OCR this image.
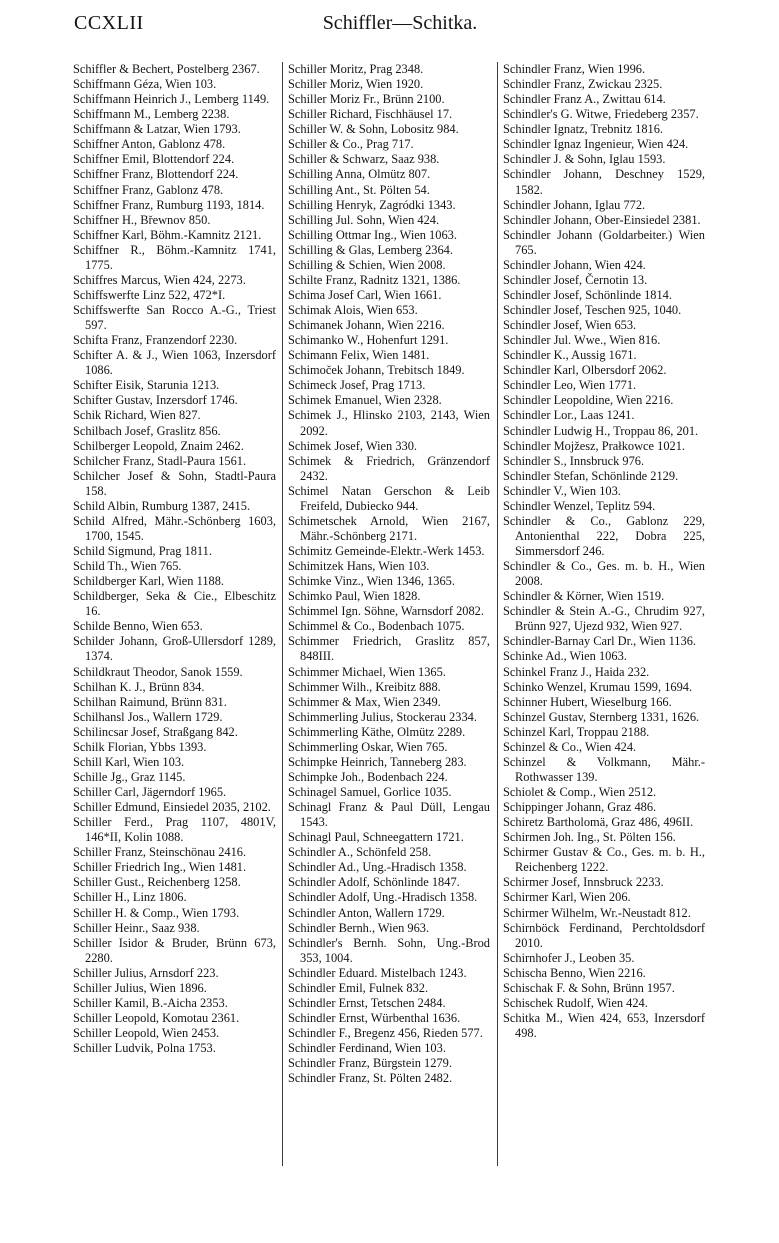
CCXLII	Schiffler—Schitka.

Schiffler & Bechert, Postelberg 2367.

Schiffmann Géza, Wien 103.

Schiffmann Heinrich J., Lemberg 1149.

Schiffmann M., Lemberg 2238.

Schiffmann & Latzar, Wien 1793.

Schiffner Anton, Gablonz 478.

Schiffner Emil, Blottendorf 224.

Schiffner Franz, Blottendorf 224.

Schiffner Franz, Gablonz 478.

Schiffner Franz, Rumburg 1193, 1814.

Schiffner H., Břewnov 850.

Schiffner Karl, Böhm.-Kamnitz 2121.

Schiffner R., Böhm.-Kamnitz 1741, 1775.

Schiffres Marcus, Wien 424, 2273.

Schiffswerfte Linz 522, 472*I.

Schiffswerfte San Rocco A.-G., Triest 597.

Schifta Franz, Franzendorf 2230.

Schifter A. & J., Wien 1063, Inzersdorf 1086.

Schifter Eisik, Starunia 1213.

Schifter Gustav, Inzersdorf 1746.

Schik Richard, Wien 827.

Schilbach Josef, Graslitz 856.

Schilberger Leopold, Znaim 2462.

Schilcher Franz, Stadl-Paura 1561.

Schilcher Josef & Sohn, Stadtl-Paura 158.

Schild Albin, Rumburg 1387, 2415.

Schild Alfred, Mähr.-Schönberg 1603, 1700, 1545.

Schild Sigmund, Prag 1811.

Schild Th., Wien 765.

Schildberger Karl, Wien 1188.

Schildberger, Seka & Cie., Elbeschitz 16.

Schilde Benno, Wien 653.

Schilder Johann, Groß-Ullersdorf 1289, 1374.

Schildkraut Theodor, Sanok 1559.

Schilhan K. J., Brünn 834.

Schilhan Raimund, Brünn 831.

Schilhansl Jos., Wallern 1729.

Schilincsar Josef, Straßgang 842.

Schilk Florian, Ybbs 1393.

Schill Karl, Wien 103.

Schille Jg., Graz 1145.

Schiller Carl, Jägerndorf 1965.

Schiller Edmund, Einsiedel 2035, 2102.

Schiller Ferd., Prag 1107, 4801V, 146*II, Kolin 1088.

Schiller Franz, Steinschönau 2416.

Schiller Friedrich Ing., Wien 1481.

Schiller Gust., Reichenberg 1258.

Schiller H., Linz 1806.

Schiller H. & Comp., Wien 1793.

Schiller Heinr., Saaz 938.

Schiller Isidor & Bruder, Brünn 673, 2280.

Schiller Julius, Arnsdorf 223.

Schiller Julius, Wien 1896.

Schiller Kamil, B.-Aicha 2353.

Schiller Leopold, Komotau 2361.

Schiller Leopold, Wien 2453.

Schiller Ludvik, Polna 1753.

Schiller Moritz, Prag 2348.

Schiller Moriz, Wien 1920.

Schiller Moriz Fr., Brünn 2100.

Schiller Richard, Fischhäusel 17.

Schiller W. & Sohn, Lobositz 984.

Schiller & Co., Prag 717.

Schiller & Schwarz, Saaz 938.

Schilling Anna, Olmütz 807.

Schilling Ant., St. Pölten 54.

Schilling Henryk, Zagródki 1343.

Schilling Jul. Sohn, Wien 424.

Schilling Ottmar Ing., Wien 1063.

Schilling & Glas, Lemberg 2364.

Schilling & Schien, Wien 2008.

Schilte Franz, Radnitz 1321, 1386.

Schima Josef Carl, Wien 1661.

Schimak Alois, Wien 653.

Schimanek Johann, Wien 2216.

Schimanko W., Hohenfurt 1291.

Schimann Felix, Wien 1481.

Schimoček Johann, Trebitsch 1849.

Schimeck Josef, Prag 1713.

Schimek Emanuel, Wien 2328.

Schimek J., Hlinsko 2103, 2143, Wien 2092.

Schimek Josef, Wien 330.

Schimek & Friedrich, Gränzendorf 2432.

Schimel Natan Gerschon & Leib Freifeld, Dubiecko 944.

Schimetschek Arnold, Wien 2167, Mähr.-Schönberg 2171.

Schimitz Gemeinde-Elektr.-Werk 1453.

Schimitzek Hans, Wien 103.

Schimke Vinz., Wien 1346, 1365.

Schimko Paul, Wien 1828.

Schimmel Ign. Söhne, Warnsdorf 2082.

Schimmel & Co., Bodenbach 1075.

Schimmer Friedrich, Graslitz 857, 848III.

Schimmer Michael, Wien 1365.

Schimmer Wilh., Kreibitz 888.

Schimmer & Max, Wien 2349.

Schimmerling Julius, Stockerau 2334.

Schimmerling Käthe, Olmütz 2289.

Schimmerling Oskar, Wien 765.

Schimpke Heinrich, Tanneberg 283.

Schimpke Joh., Bodenbach 224.

Schinagel Samuel, Gorlice 1035.

Schinagl Franz & Paul Düll, Lengau 1543.

Schinagl Paul, Schneegattern 1721.

Schindler A., Schönfeld 258.

Schindler Ad., Ung.-Hradisch 1358.

Schindler Adolf, Schönlinde 1847.

Schindler Adolf, Ung.-Hradisch 1358.

Schindler Anton, Wallern 1729.

Schindler Bernh., Wien 963.

Schindler's Bernh. Sohn, Ung.-Brod 353, 1004.

Schindler Eduard. Mistelbach 1243.

Schindler Emil, Fulnek 832.

Schindler Ernst, Tetschen 2484.

Schindler Ernst, Würbenthal 1636.

Schindler F., Bregenz 456, Rieden 577.

Schindler Ferdinand, Wien 103.

Schindler Franz, Bürgstein 1279.

Schindler Franz, St. Pölten 2482.

Schindler Franz, Wien 1996.

Schindler Franz, Zwickau 2325.

Schindler Franz A., Zwittau 614.

Schindler's G. Witwe, Friedeberg 2357.

Schindler Ignatz, Trebnitz 1816.

Schindler Ignaz Ingenieur, Wien 424.

Schindler J. & Sohn, Iglau 1593.

Schindler Johann, Deschney 1529, 1582.

Schindler Johann, Iglau 772.

Schindler Johann, Ober-Einsiedel 2381.

Schindler Johann (Goldarbeiter.) Wien 765.

Schindler Johann, Wien 424.

Schindler Josef, Černotin 13.

Schindler Josef, Schönlinde 1814.

Schindler Josef, Teschen 925, 1040.

Schindler Josef, Wien 653.

Schindler Jul. Wwe., Wien 816.

Schindler K., Aussig 1671.

Schindler Karl, Olbersdorf 2062.

Schindler Leo, Wien 1771.

Schindler Leopoldine, Wien 2216.

Schindler Lor., Laas 1241.

Schindler Ludwig H., Troppau 86, 201.

Schindler Mojžesz, Prałkowce 1021.

Schindler S., Innsbruck 976.

Schindler Stefan, Schönlinde 2129.

Schindler V., Wien 103.

Schindler Wenzel, Teplitz 594.

Schindler & Co., Gablonz 229, Antonienthal 222, Dobra 225, Simmersdorf 246.

Schindler & Co., Ges. m. b. H., Wien 2008.

Schindler & Körner, Wien 1519.

Schindler & Stein A.-G., Chrudim 927, Brünn 927, Ujezd 932, Wien 927.

Schindler-Barnay Carl Dr., Wien 1136.

Schinke Ad., Wien 1063.

Schinkel Franz J., Haida 232.

Schinko Wenzel, Krumau 1599, 1694.

Schinner Hubert, Wieselburg 166.

Schinzel Gustav, Sternberg 1331, 1626.

Schinzel Karl, Troppau 2188.

Schinzel & Co., Wien 424.

Schinzel & Volkmann, Mähr.-Rothwasser 139.

Schiolet & Comp., Wien 2512.

Schippinger Johann, Graz 486.

Schiretz Bartholomä, Graz 486, 496II.

Schirmen Joh. Ing., St. Pölten 156.

Schirmer Gustav & Co., Ges. m. b. H., Reichenberg 1222.

Schirmer Josef, Innsbruck 2233.

Schirmer Karl, Wien 206.

Schirmer Wilhelm, Wr.-Neustadt 812.

Schirnböck Ferdinand, Perchtoldsdorf 2010.

Schirnhofer J., Leoben 35.

Schischa Benno, Wien 2216.

Schischak F. & Sohn, Brünn 1957.

Schischek Rudolf, Wien 424.

Schitka M., Wien 424, 653, Inzersdorf 498.
